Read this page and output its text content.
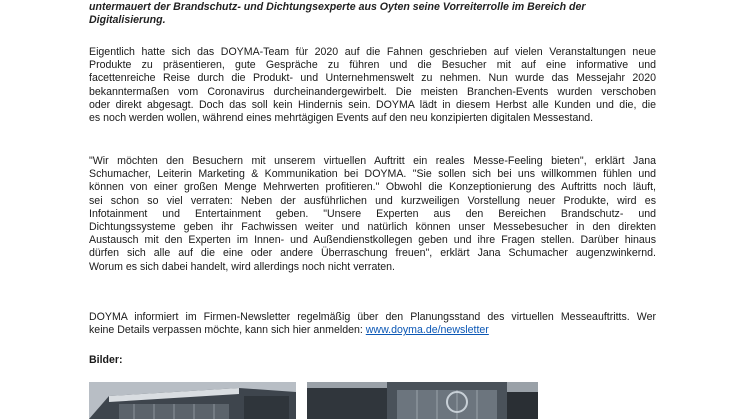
untermauert der Brandschutz- und Dichtungsexperte aus Oyten seine Vorreiterrolle im Bereich der
Digitalisierung.

Eigentlich hatte sich das DOYMA-Team für 2020 auf die Fahnen geschrieben auf vielen Veranstaltungen neue
Produkte zu präsentieren, gute Gespräche zu führen und die Besucher mit auf eine informative und
facettenreiche Reise durch die Produkt- und Unternehmenswelt zu nehmen. Nun wurde das Messejahr 2020
bekanntermaßen vom Coronavirus durcheinandergewirbelt. Die meisten Branchen-Events wurden verschoben
oder direkt abgesagt. Doch das soll kein Hindernis sein. DOYMA lädt in diesem Herbst alle Kunden und die, die
es noch werden wollen, während eines mehrtägigen Events auf den neu konzipierten digitalen Messestand.

"Wir möchten den Besuchern mit unserem virtuellen Auftritt ein reales Messe-Feeling bieten", erklärt Jana
Schumacher, Leiterin Marketing & Kommunikation bei DOYMA. "Sie sollen sich bei uns willkommen fühlen und
können von einer großen Menge Mehrwerten profitieren." Obwohl die Konzeptionierung des Auftritts noch läuft,
sei schon so viel verraten: Neben der ausführlichen und kurzweiligen Vorstellung neuer Produkte, wird es
Infotainment und Entertainment geben. "Unsere Experten aus den Bereichen Brandschutz- und
Dichtungssysteme geben ihr Fachwissen weiter und natürlich können unser Messebesucher in den direkten
Austausch mit den Experten im Innen- und Außendienstkollegen geben und ihre Fragen stellen. Darüber hinaus
dürfen sich alle auf die eine oder andere Überraschung freuen", erklärt Jana Schumacher augenzwinkernd.
Worum es sich dabei handelt, wird allerdings noch nicht verraten.

DOYMA informiert im Firmen-Newsletter regelmäßig über den Planungsstand des virtuellen Messeauftritts. Wer
keine Details verpassen möchte, kann sich hier anmelden: www.doyma.de/newsletter

Bilder:
